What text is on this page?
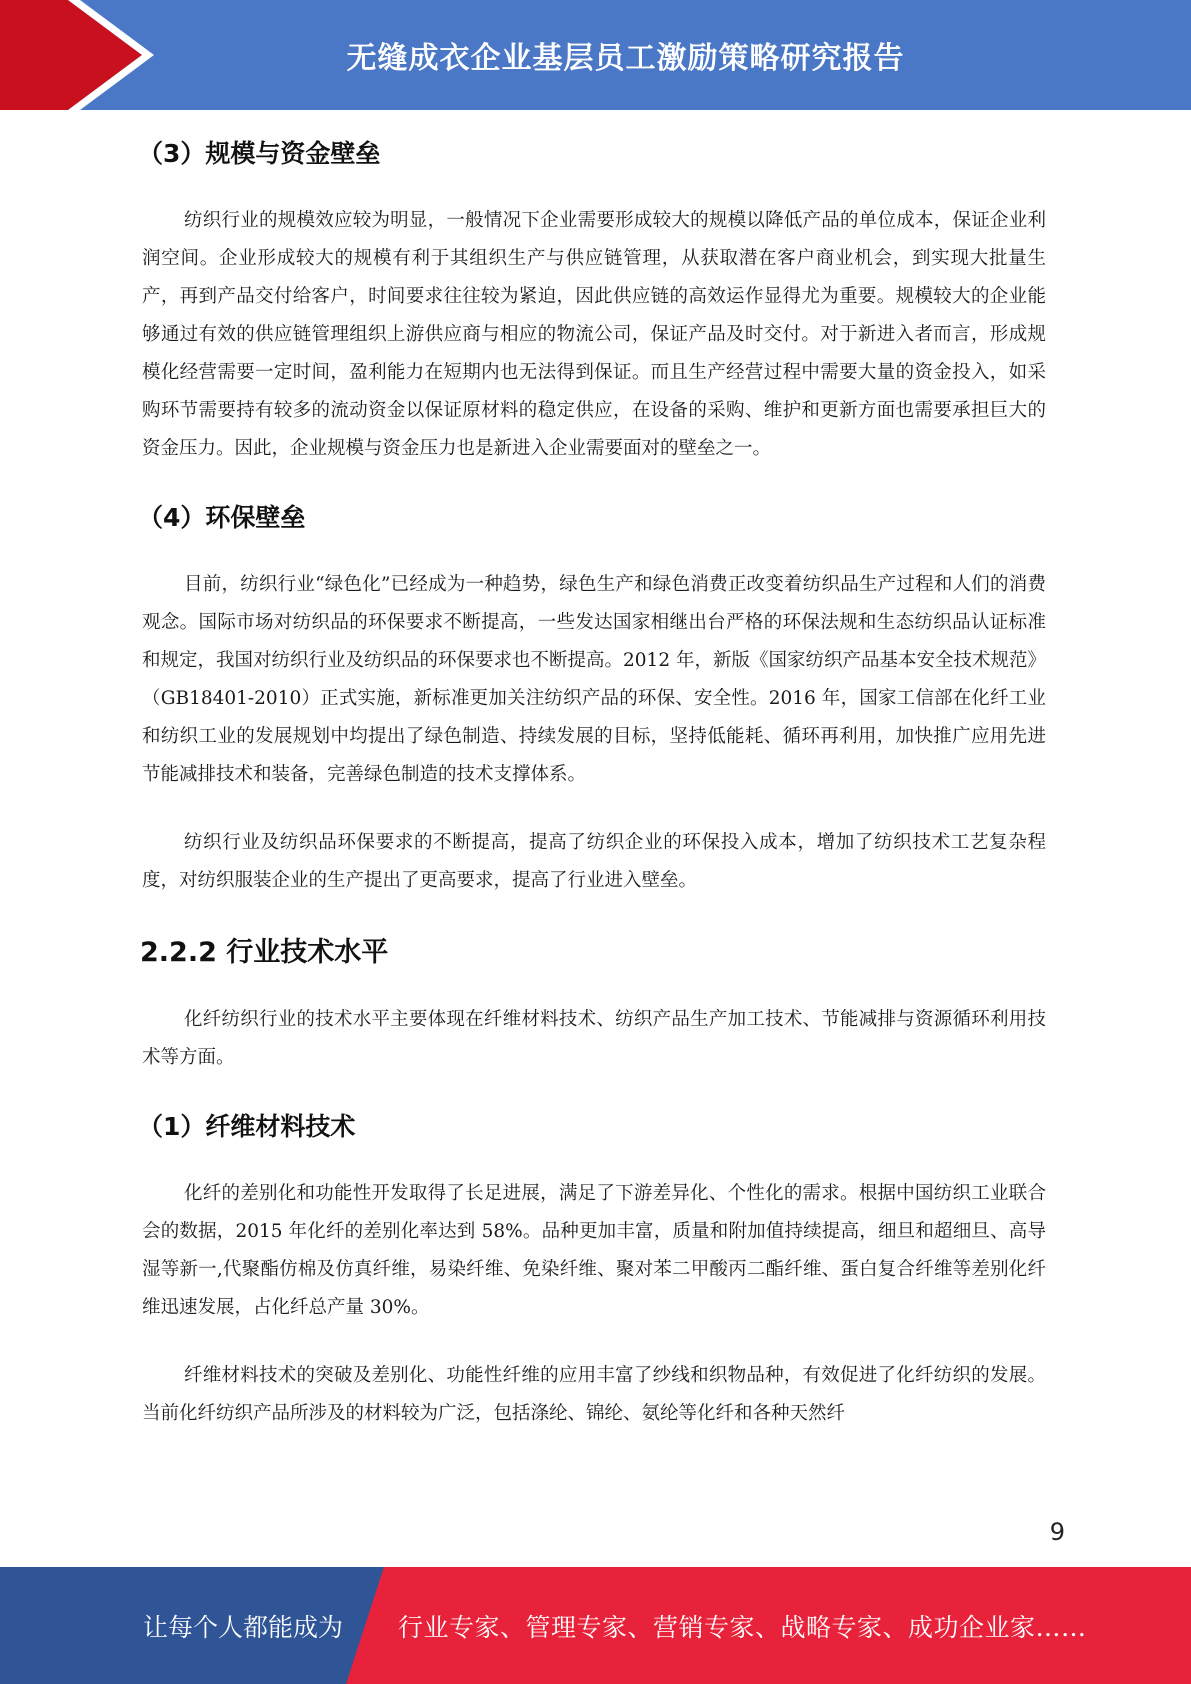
无缝成衣企业基层员工激励策略研究报告
（3）规模与资金壁垒

纺织行业的规模效应较为明显，一般情况下企业需要形成较大的规模以降低产品的单位成本，保证企业利润空间。企业形成较大的规模有利于其组织生产与供应链管理，从获取潜在客户商业机会，到实现大批量生产，再到产品交付给客户，时间要求往往较为紧迫，因此供应链的高效运作显得尤为重要。规模较大的企业能够通过有效的供应链管理组织上游供应商与相应的物流公司，保证产品及时交付。对于新进入者而言，形成规模化经营需要一定时间，盈利能力在短期内也无法得到保证。而且生产经营过程中需要大量的资金投入，如采购环节需要持有较多的流动资金以保证原材料的稳定供应，在设备的采购、维护和更新方面也需要承担巨大的资金压力。因此，企业规模与资金压力也是新进入企业需要面对的壁垒之一。

（4）环保壁垒

目前，纺织行业“绿色化”已经成为一种趋势，绿色生产和绿色消费正改变着纺织品生产过程和人们的消费观念。国际市场对纺织品的环保要求不断提高，一些发达国家相继出台严格的环保法规和生态纺织品认证标准和规定，我国对纺织行业及纺织品的环保要求也不断提高。2012 年，新版《国家纺织产品基本安全技术规范》（GB18401-2010）正式实施，新标准更加关注纺织产品的环保、安全性。2016 年，国家工信部在化纤工业和纺织工业的发展规划中均提出了绿色制造、持续发展的目标，坚持低能耗、循环再利用，加快推广应用先进节能减排技术和装备，完善绿色制造的技术支撑体系。

纺织行业及纺织品环保要求的不断提高，提高了纺织企业的环保投入成本，增加了纺织技术工艺复杂程度，对纺织服装企业的生产提出了更高要求，提高了行业进入壁垒。

2.2.2 行业技术水平

化纤纺织行业的技术水平主要体现在纤维材料技术、纺织产品生产加工技术、节能减排与资源循环利用技术等方面。

（1）纤维材料技术

化纤的差别化和功能性开发取得了长足进展，满足了下游差异化、个性化的需求。根据中国纺织工业联合会的数据，2015 年化纤的差别化率达到 58%。品种更加丰富，质量和附加值持续提高，细旦和超细旦、高导湿等新一,代聚酯仿棉及仿真纤维，易染纤维、免染纤维、聚对苯二甲酸丙二酯纤维、蛋白复合纤维等差别化纤维迅速发展，占化纤总产量 30%。

纤维材料技术的突破及差别化、功能性纤维的应用丰富了纱线和织物品种，有效促进了化纤纺织的发展。当前化纤纺织产品所涉及的材料较为广泛，包括涤纶、锦纶、氨纶等化纤和各种天然纤

9
让每个人都能成为 行业专家、管理专家、营销专家、战略专家、成功企业家……
